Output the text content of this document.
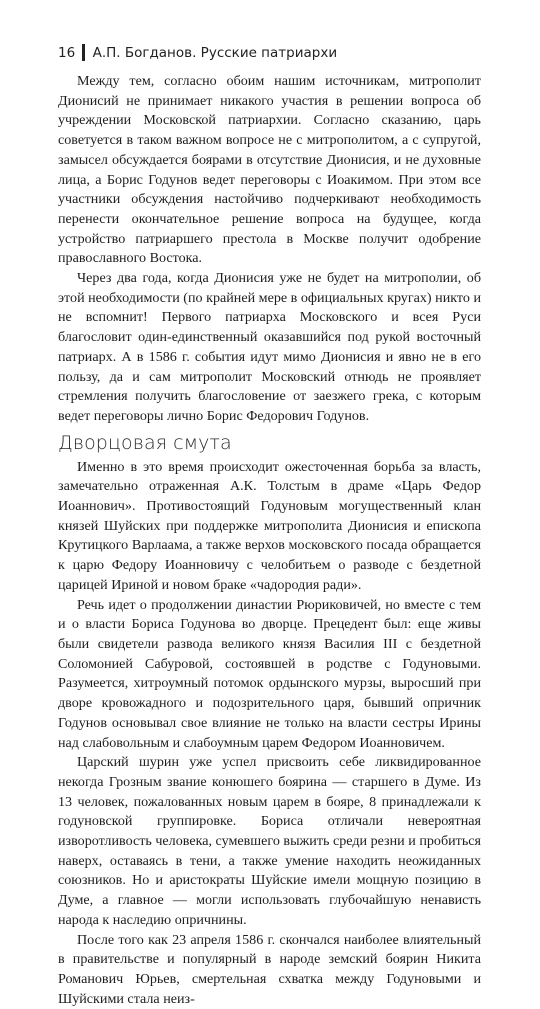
16 А.П. Богданов. Русские патриархи

Между тем, согласно обоим нашим источникам, митрополит Дионисий не принимает никакого участия в решении вопроса об учреждении Московской патриархии. Согласно сказанию, царь советуется в таком важном вопросе не с митрополитом, а с супругой, замысел обсуждается боярами в отсутствие Дионисия, и не духовные лица, а Борис Годунов ведет переговоры с Иоакимом. При этом все участники обсуждения настойчиво подчеркивают необходимость перенести окончательное решение вопроса на будущее, когда устройство патриаршего престола в Москве получит одобрение православного Востока.

Через два года, когда Дионисия уже не будет на митрополии, об этой необходимости (по крайней мере в официальных кругах) никто и не вспомнит! Первого патриарха Московского и всея Руси благословит один-единственный оказавшийся под рукой восточный патриарх. А в 1586 г. события идут мимо Дионисия и явно не в его пользу, да и сам митрополит Московский отнюдь не проявляет стремления получить благословение от заезжего грека, с которым ведет переговоры лично Борис Федорович Годунов.

Дворцовая смута

Именно в это время происходит ожесточенная борьба за власть, замечательно отраженная А.К. Толстым в драме «Царь Федор Иоаннович». Противостоящий Годуновым могущественный клан князей Шуйских при поддержке митрополита Дионисия и епископа Крутицкого Варлаама, а также верхов московского посада обращается к царю Федору Иоанновичу с челобитьем о разводе с бездетной царицей Ириной и новом браке «чадородия ради».

Речь идет о продолжении династии Рюриковичей, но вместе с тем и о власти Бориса Годунова во дворце. Прецедент был: еще живы были свидетели развода великого князя Василия III с бездетной Соломонией Сабуровой, состоявшей в родстве с Годуновыми. Разумеется, хитроумный потомок ордынского мурзы, выросший при дворе кровожадного и подозрительного царя, бывший опричник Годунов основывал свое влияние не только на власти сестры Ирины над слабовольным и слабоумным царем Федором Иоанновичем.

Царский шурин уже успел присвоить себе ликвидированное некогда Грозным звание конюшего боярина — старшего в Думе. Из 13 человек, пожалованных новым царем в бояре, 8 принадлежали к годуновской группировке. Бориса отличали невероятная изворотливость человека, сумевшего выжить среди резни и пробиться наверх, оставаясь в тени, а также умение находить неожиданных союзников. Но и аристократы Шуйские имели мощную позицию в Думе, а главное — могли использовать глубочайшую ненависть народа к наследию опричнины.

После того как 23 апреля 1586 г. скончался наиболее влиятельный в правительстве и популярный в народе земский боярин Никита Романович Юрьев, смертельная схватка между Годуновыми и Шуйскими стала неиз-
